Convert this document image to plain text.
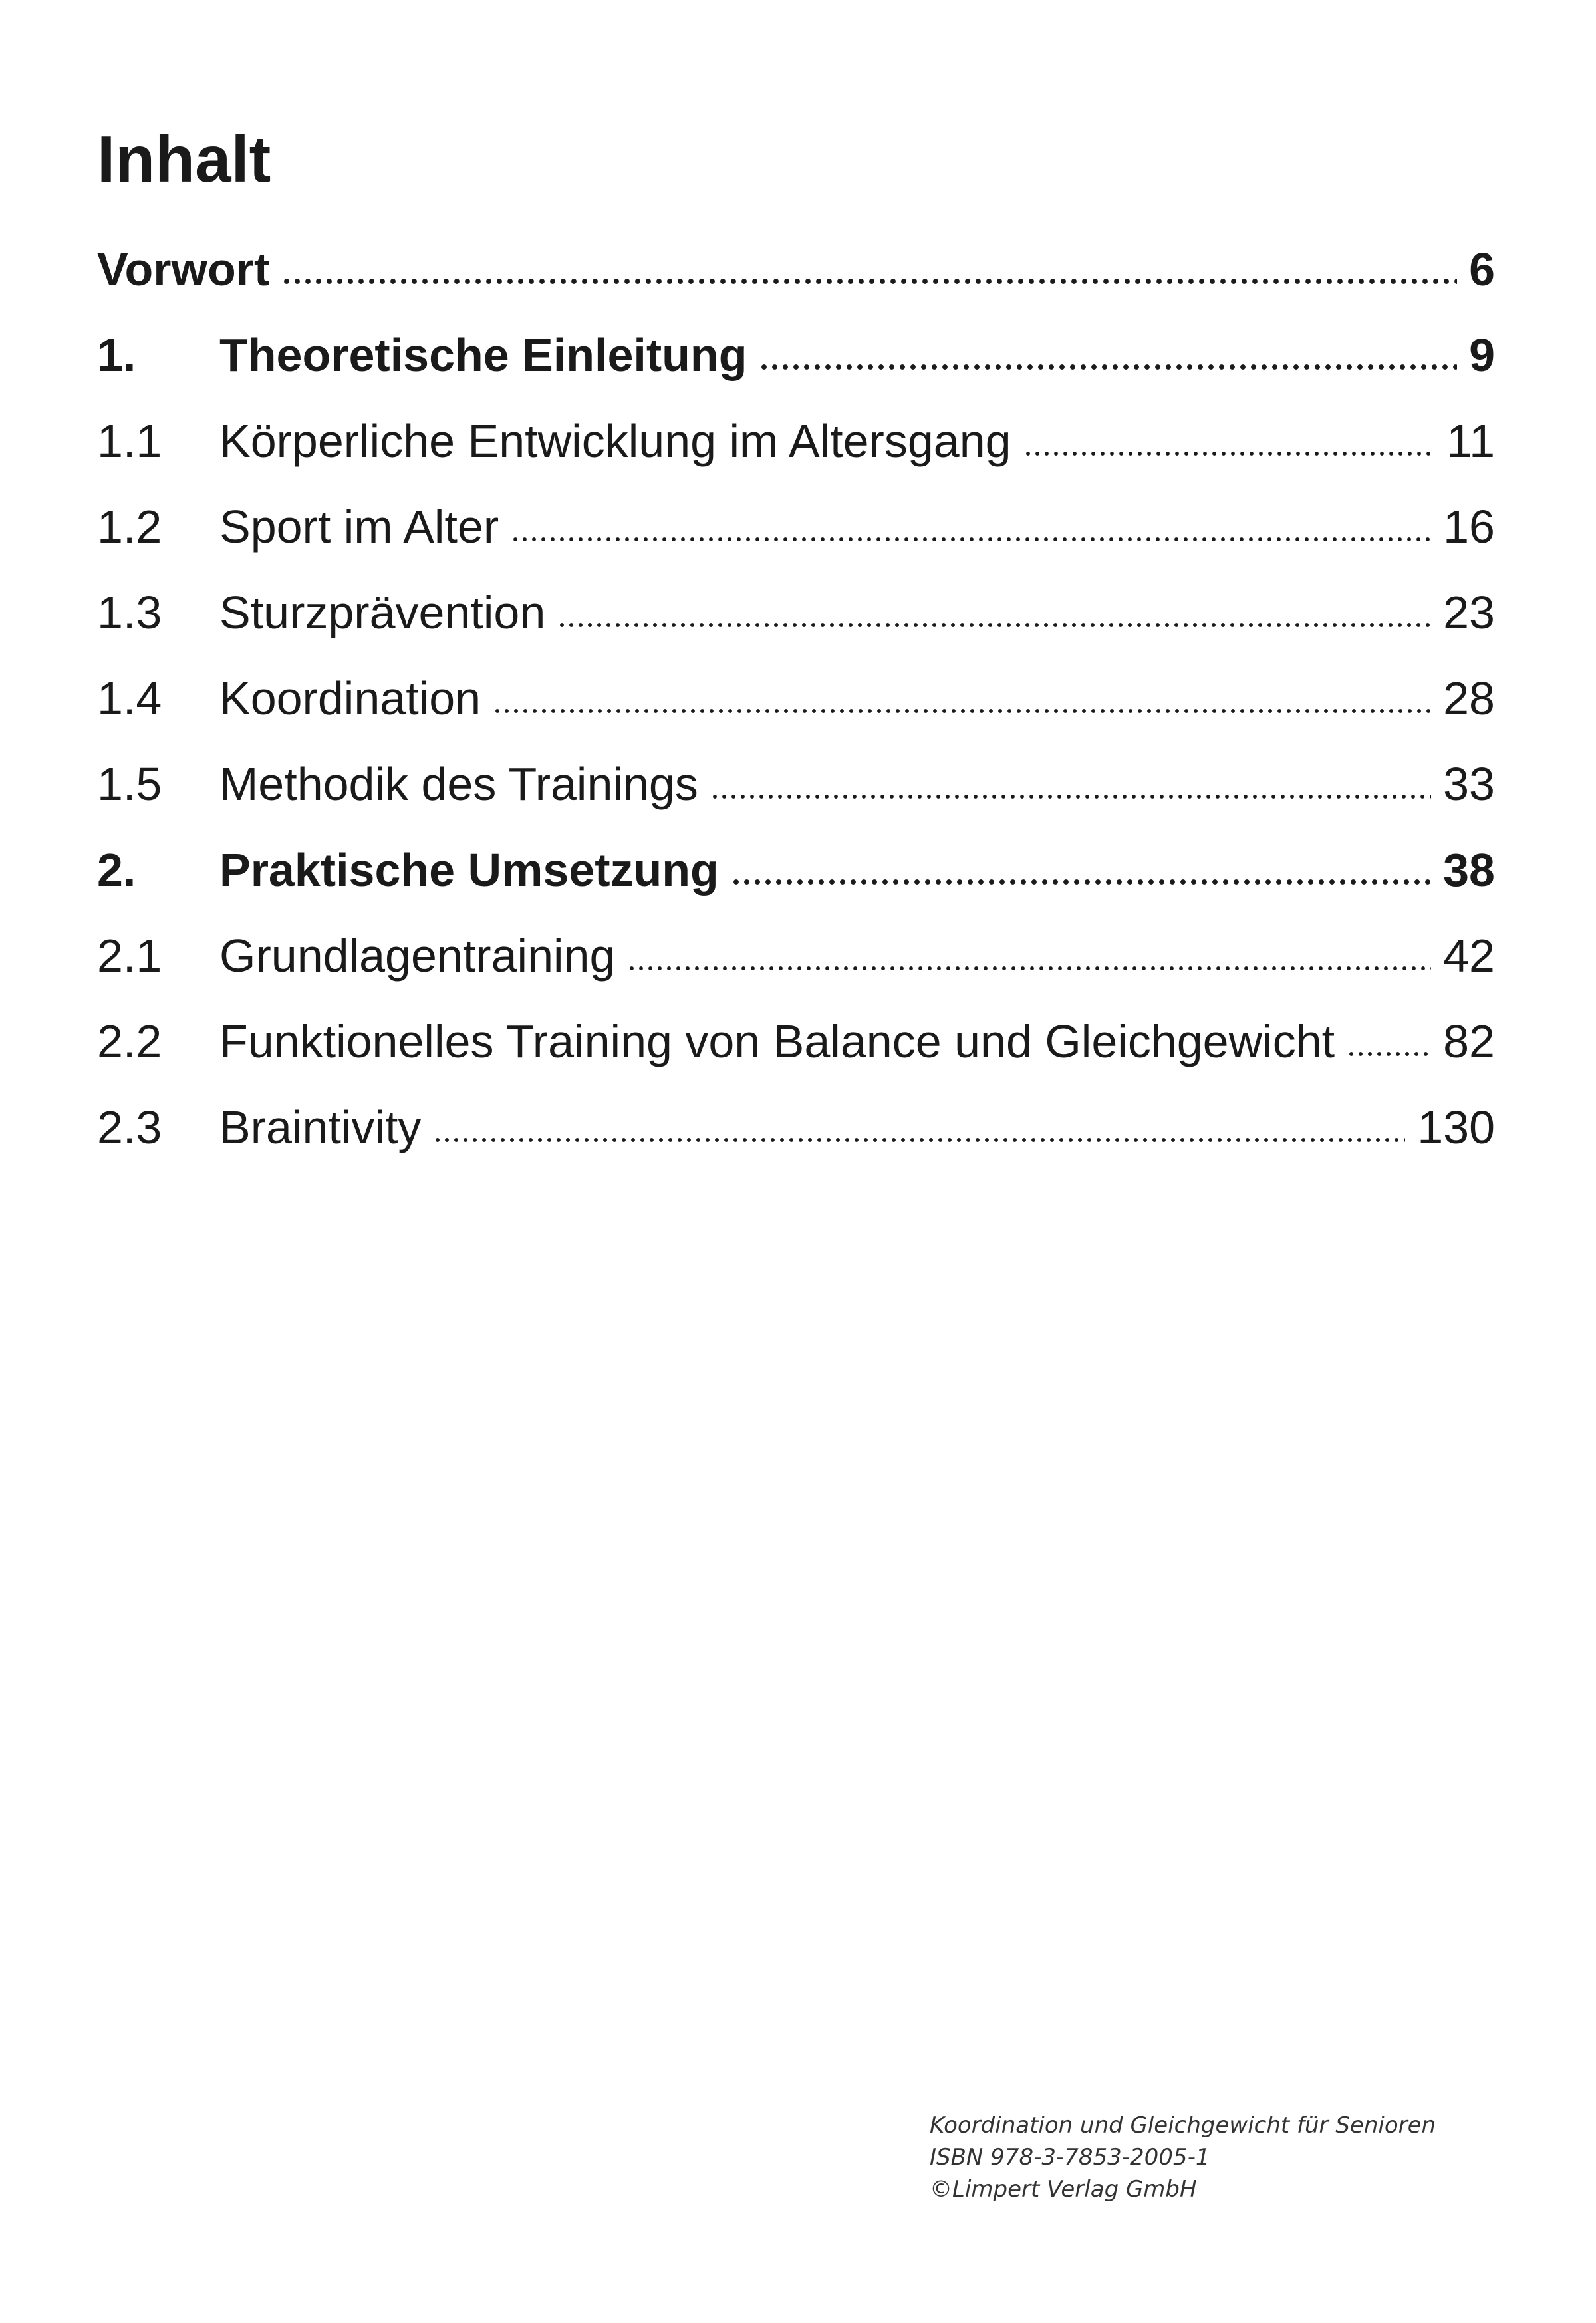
Inhalt
Vorwort	6
1.	Theoretische Einleitung	9
1.1	Körperliche Entwicklung im Altersgang	11
1.2	Sport im Alter	16
1.3	Sturzprävention	23
1.4	Koordination	28
1.5	Methodik des Trainings	33
2.	Praktische Umsetzung	38
2.1	Grundlagentraining	42
2.2	Funktionelles Training von Balance und Gleichgewicht 82
2.3	Braintivity	130
Koordination und Gleichgewicht für Senioren
ISBN 978-3-7853-2005-1
©Limpert Verlag GmbH
